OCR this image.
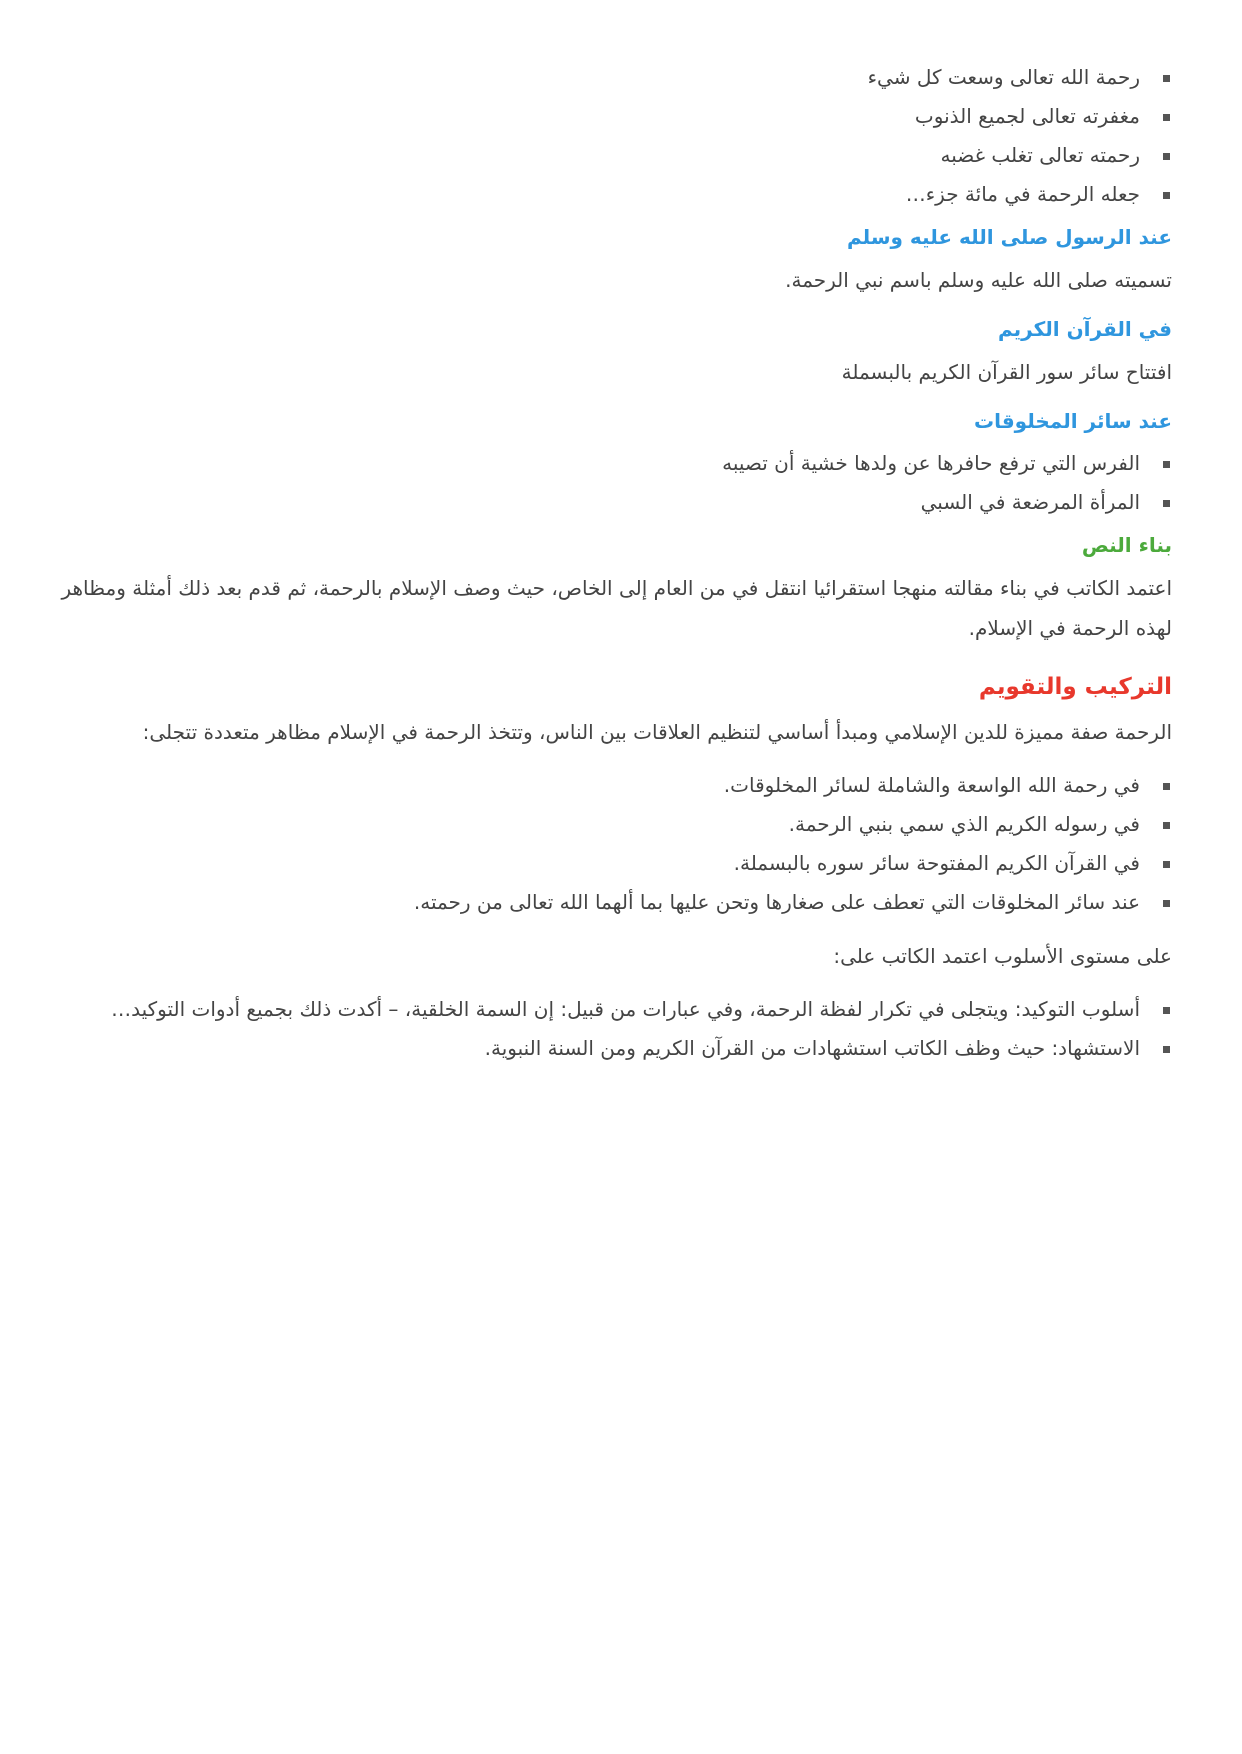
رحمة الله تعالى وسعت كل شيء
مغفرته تعالى لجميع الذنوب
رحمته تعالى تغلب غضبه
جعله الرحمة في مائة جزء…
عند الرسول صلى الله عليه وسلم

تسميته صلى الله عليه وسلم باسم نبي الرحمة.

في القرآن الكريم

افتتاح سائر سور القرآن الكريم بالبسملة

عند سائر المخلوقات
الفرس التي ترفع حافرها عن ولدها خشية أن تصيبه
المرأة المرضعة في السبي
بناء النص

اعتمد الكاتب في بناء مقالته منهجا استقرائيا انتقل في من العام إلى الخاص، حيث وصف الإسلام بالرحمة، ثم قدم بعد ذلك أمثلة ومظاهر لهذه الرحمة في الإسلام.

التركيب والتقويم

الرحمة صفة مميزة للدين الإسلامي ومبدأ أساسي لتنظيم العلاقات بين الناس، وتتخذ الرحمة في الإسلام مظاهر متعددة تتجلى:

في رحمة الله الواسعة والشاملة لسائر المخلوقات.
في رسوله الكريم الذي سمي بنبي الرحمة.
في القرآن الكريم المفتوحة سائر سوره بالبسملة.
عند سائر المخلوقات التي تعطف على صغارها وتحن عليها بما ألهما الله تعالى من رحمته.

على مستوى الأسلوب اعتمد الكاتب على:

أسلوب التوكيد: ويتجلى في تكرار لفظة الرحمة، وفي عبارات من قبيل: إن السمة الخلقية، – أكدت ذلك بجميع أدوات التوكيد…
الاستشهاد: حيث وظف الكاتب استشهادات من القرآن الكريم ومن السنة النبوية.
